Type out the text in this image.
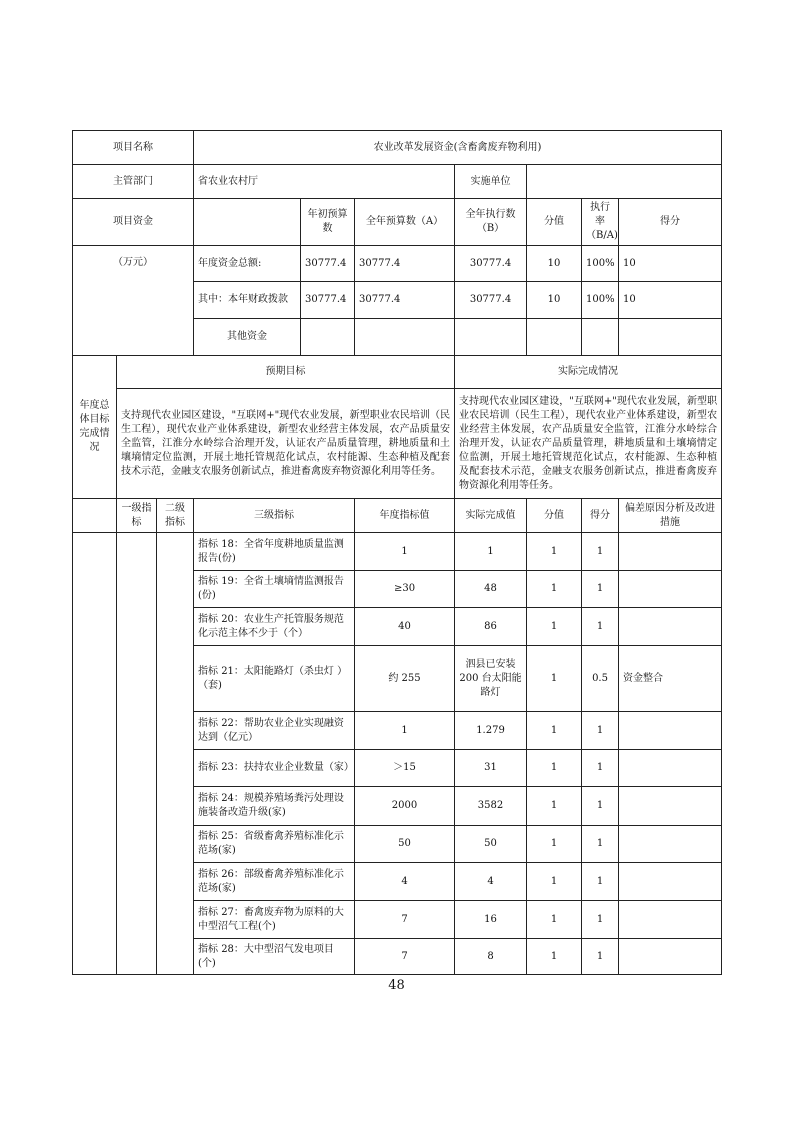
项目名称			农业改革发展资金(含畜禽废弃物利用)						
主管部门			省农业农村厅			实施单位			
项目资金				年初预算数	全年预算数（A）	全年执行数（B）	分值	执行率（B/A)	得分
（万元）			年度资金总额:	30777.4	30777.4	30777.4	10	100%	10
			其中：本年财政拨款	30777.4	30777.4	30777.4	10	100%	10
			其他资金						
年度总体目标完成情况	预期目标					实际完成情况			
	支持现代农业园区建设，"互联网+"现代农业发展，新型职业农民培训（民生工程），现代农业产业体系建设，新型农业经营主体发展，农产品质量安全监管，江淮分水岭综合治理开发，认证农产品质量管理，耕地质量和土壤墒情定位监测，开展土地托管规范化试点，农村能源、生态种植及配套技术示范，金融支农服务创新试点，推进畜禽废弃物资源化利用等任务。					支持现代农业园区建设，"互联网+"现代农业发展，新型职业农民培训（民生工程），现代农业产业体系建设，新型农业经营主体发展，农产品质量安全监管，江淮分水岭综合治理开发，认证农产品质量管理，耕地质量和土壤墒情定位监测，开展土地托管规范化试点，农村能源、生态种植及配套技术示范，金融支农服务创新试点，推进畜禽废弃物资源化利用等任务。			
	一级指标	二级指标	三级指标		年度指标值	实际完成值	分值	得分	偏差原因分析及改进措施
			指标 18：全省年度耕地质量监测报告(份)		1	1	1	1	
			指标 19：全省土壤墒情监测报告(份)		≥30	48	1	1	
			指标 20：农业生产托管服务规范化示范主体不少于（个）		40	86	1	1	
			指标 21：太阳能路灯（杀虫灯 ）（套)		约 255	泗县已安装 200 台太阳能路灯	1	0.5	资金整合
			指标 22：帮助农业企业实现融资达到（亿元）		1	1.279	1	1	
			指标 23：扶持农业企业数量（家）		＞15	31	1	1	
			指标 24：规模养殖场粪污处理设施装备改造升级(家)		2000	3582	1	1	
			指标 25：省级畜禽养殖标准化示范场(家)		50	50	1	1	
			指标 26：部级畜禽养殖标准化示范场(家)		4	4	1	1	
			指标 27：畜禽废弃物为原料的大中型沼气工程(个)		7	16	1	1	
			指标 28：大中型沼气发电项目(个)		7	8	1	1	
48
